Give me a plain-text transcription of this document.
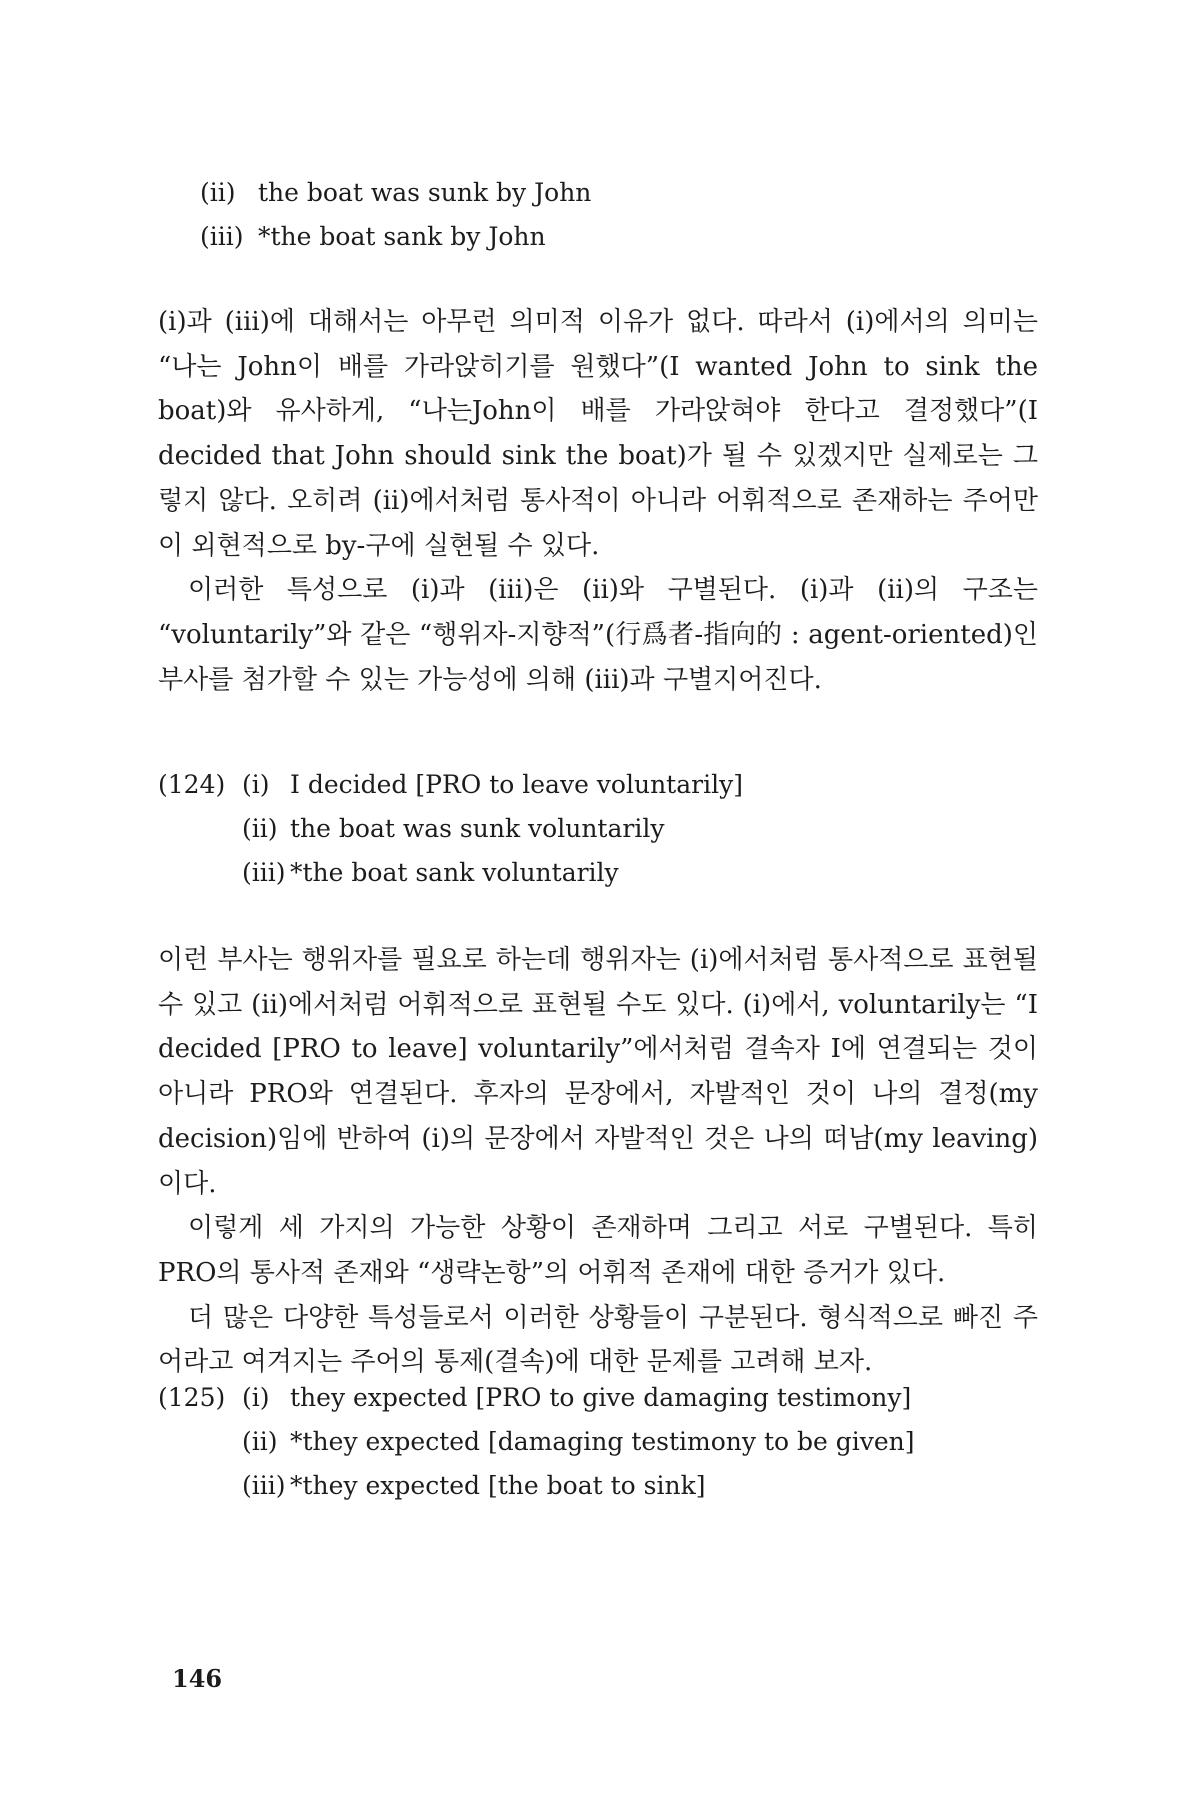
(ii) the boat was sunk by John
(iii) *the boat sank by John

(i)과 (iii)에 대해서는 아무런 의미적 이유가 없다. 따라서 (i)에서의 의미는 “나는 John이 배를 가라앉히기를 원했다”(I wanted John to sink the boat)와 유사하게, “나는John이 배를 가라앉혀야 한다고 결정했다”(I decided that John should sink the boat)가 될 수 있겠지만 실제로는 그렇지 않다. 오히려 (ii)에서처럼 통사적이 아니라 어휘적으로 존재하는 주어만이 외현적으로 by-구에 실현될 수 있다.

이러한 특성으로 (i)과 (iii)은 (ii)와 구별된다. (i)과 (ii)의 구조는 “voluntarily”와 같은 “행위자-지향적”(行爲者-指向的 : agent-oriented)인 부사를 첨가할 수 있는 가능성에 의해 (iii)과 구별지어진다.

(124) (i) I decided [PRO to leave voluntarily]
(ii) the boat was sunk voluntarily
(iii) *the boat sank voluntarily

이런 부사는 행위자를 필요로 하는데 행위자는 (i)에서처럼 통사적으로 표현될 수 있고 (ii)에서처럼 어휘적으로 표현될 수도 있다. (i)에서, voluntarily는 “I decided [PRO to leave] voluntarily”에서처럼 결속자 I에 연결되는 것이 아니라 PRO와 연결된다. 후자의 문장에서, 자발적인 것이 나의 결정(my decision)임에 반하여 (i)의 문장에서 자발적인 것은 나의 떠남(my leaving)이다.

이렇게 세 가지의 가능한 상황이 존재하며 그리고 서로 구별된다. 특히 PRO의 통사적 존재와 “생략논항”의 어휘적 존재에 대한 증거가 있다.

더 많은 다양한 특성들로서 이러한 상황들이 구분된다. 형식적으로 빠진 주어라고 여겨지는 주어의 통제(결속)에 대한 문제를 고려해 보자.

(125) (i) they expected [PRO to give damaging testimony]
(ii) *they expected [damaging testimony to be given]
(iii) *they expected [the boat to sink]
146
